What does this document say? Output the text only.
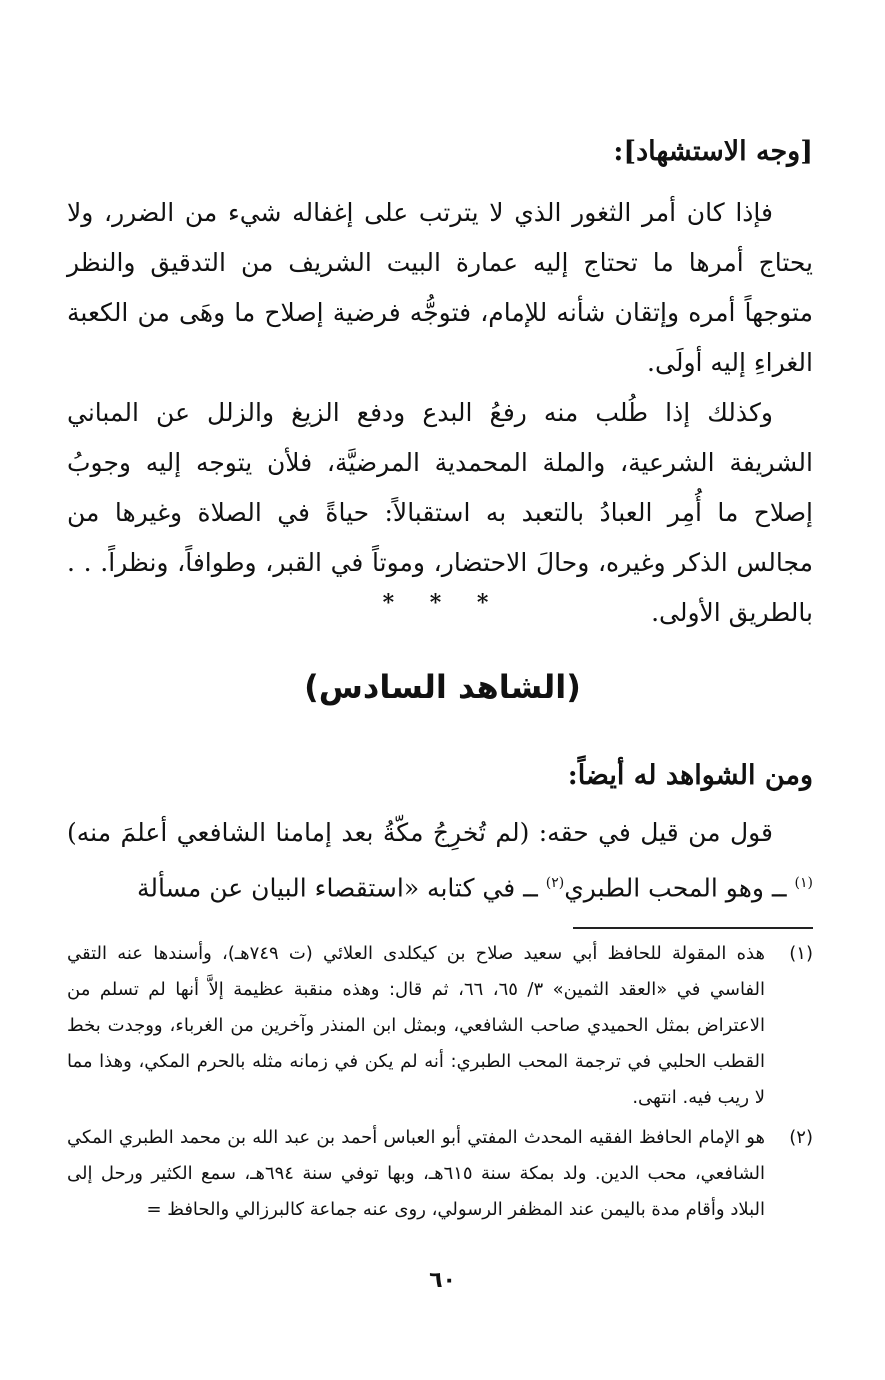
[وجه الاستشهاد]:
فإذا كان أمر الثغور الذي لا يترتب على إغفاله شيء من الضرر، ولا يحتاج أمرها ما تحتاج إليه عمارة البيت الشريف من التدقيق والنظر متوجهاً أمره وإتقان شأنه للإمام، فتوجُّه فرضية إصلاح ما وهَى من الكعبة الغراءِ إليه أولَى.
وكذلك إذا طُلب منه رفعُ البدع ودفع الزيغ والزلل عن المباني الشريفة الشرعية، والملة المحمدية المرضيَّة، فلأن يتوجه إليه وجوبُ إصلاح ما أُمِر العبادُ بالتعبد به استقبالاً: حياةً في الصلاة وغيرها من مجالس الذكر وغيره، وحالَ الاحتضار، وموتاً في القبر، وطوافاً، ونظراً. . . بالطريق الأولى.
* * *
(الشاهد السادس)
ومن الشواهد له أيضاً:
قول من قيل في حقه: (لم تُخرِجُ مكّةُ بعد إمامنا الشافعي أعلمَ منه)$^{(١)}$ ــ وهو المحب الطبري$^{(٢)}$ ــ في كتابه «استقصاء البيان عن مسألة
(١)
هذه المقولة للحافظ أبي سعيد صلاح بن كيكلدى العلائي (ت ٧٤٩هـ)، وأسندها عنه التقي الفاسي في «العقد الثمين» ٣/ ٦٥، ٦٦، ثم قال: وهذه منقبة عظيمة إلاَّ أنها لم تسلم من الاعتراض بمثل الحميدي صاحب الشافعي، وبمثل ابن المنذر وآخرين من الغرباء، ووجدت بخط القطب الحلبي في ترجمة المحب الطبري: أنه لم يكن في زمانه مثله بالحرم المكي، وهذا مما لا ريب فيه. انتهى.
(٢)
هو الإمام الحافظ الفقيه المحدث المفتي أبو العباس أحمد بن عبد الله بن محمد الطبري المكي الشافعي، محب الدين. ولد بمكة سنة ٦١٥هـ، وبها توفي سنة ٦٩٤هـ، سمع الكثير ورحل إلى البلاد وأقام مدة باليمن عند المظفر الرسولي، روى عنه جماعة كالبرزالي والحافظ =
٦٠
